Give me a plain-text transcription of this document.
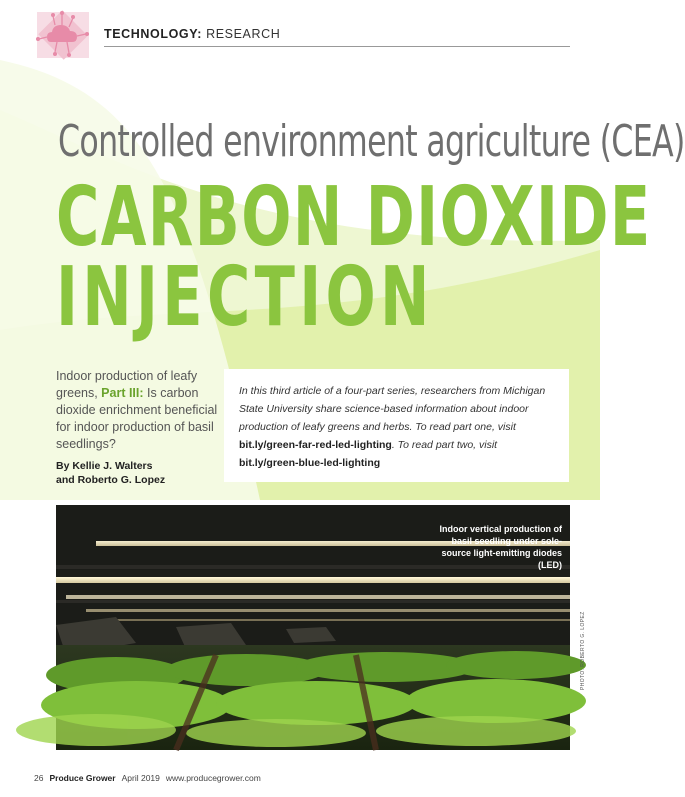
TECHNOLOGY: RESEARCH
Controlled environment agriculture (CEA)
CARBON DIOXIDE
INJECTION
Indoor production of leafy greens, Part III: Is carbon dioxide enrichment beneficial for indoor production of basil seedlings?
By Kellie J. Walters
and Roberto G. Lopez
In this third article of a four-part series, researchers from Michigan State University share science-based information about indoor production of leafy greens and herbs. To read part one, visit bit.ly/green-far-red-led-lighting. To read part two, visit bit.ly/green-blue-led-lighting
Indoor vertical production of basil seedling under sole-source light-emitting diodes (LED)
PHOTO: ROBERTO G. LOPEZ
26 Produce Grower April 2019 www.producegrower.com
